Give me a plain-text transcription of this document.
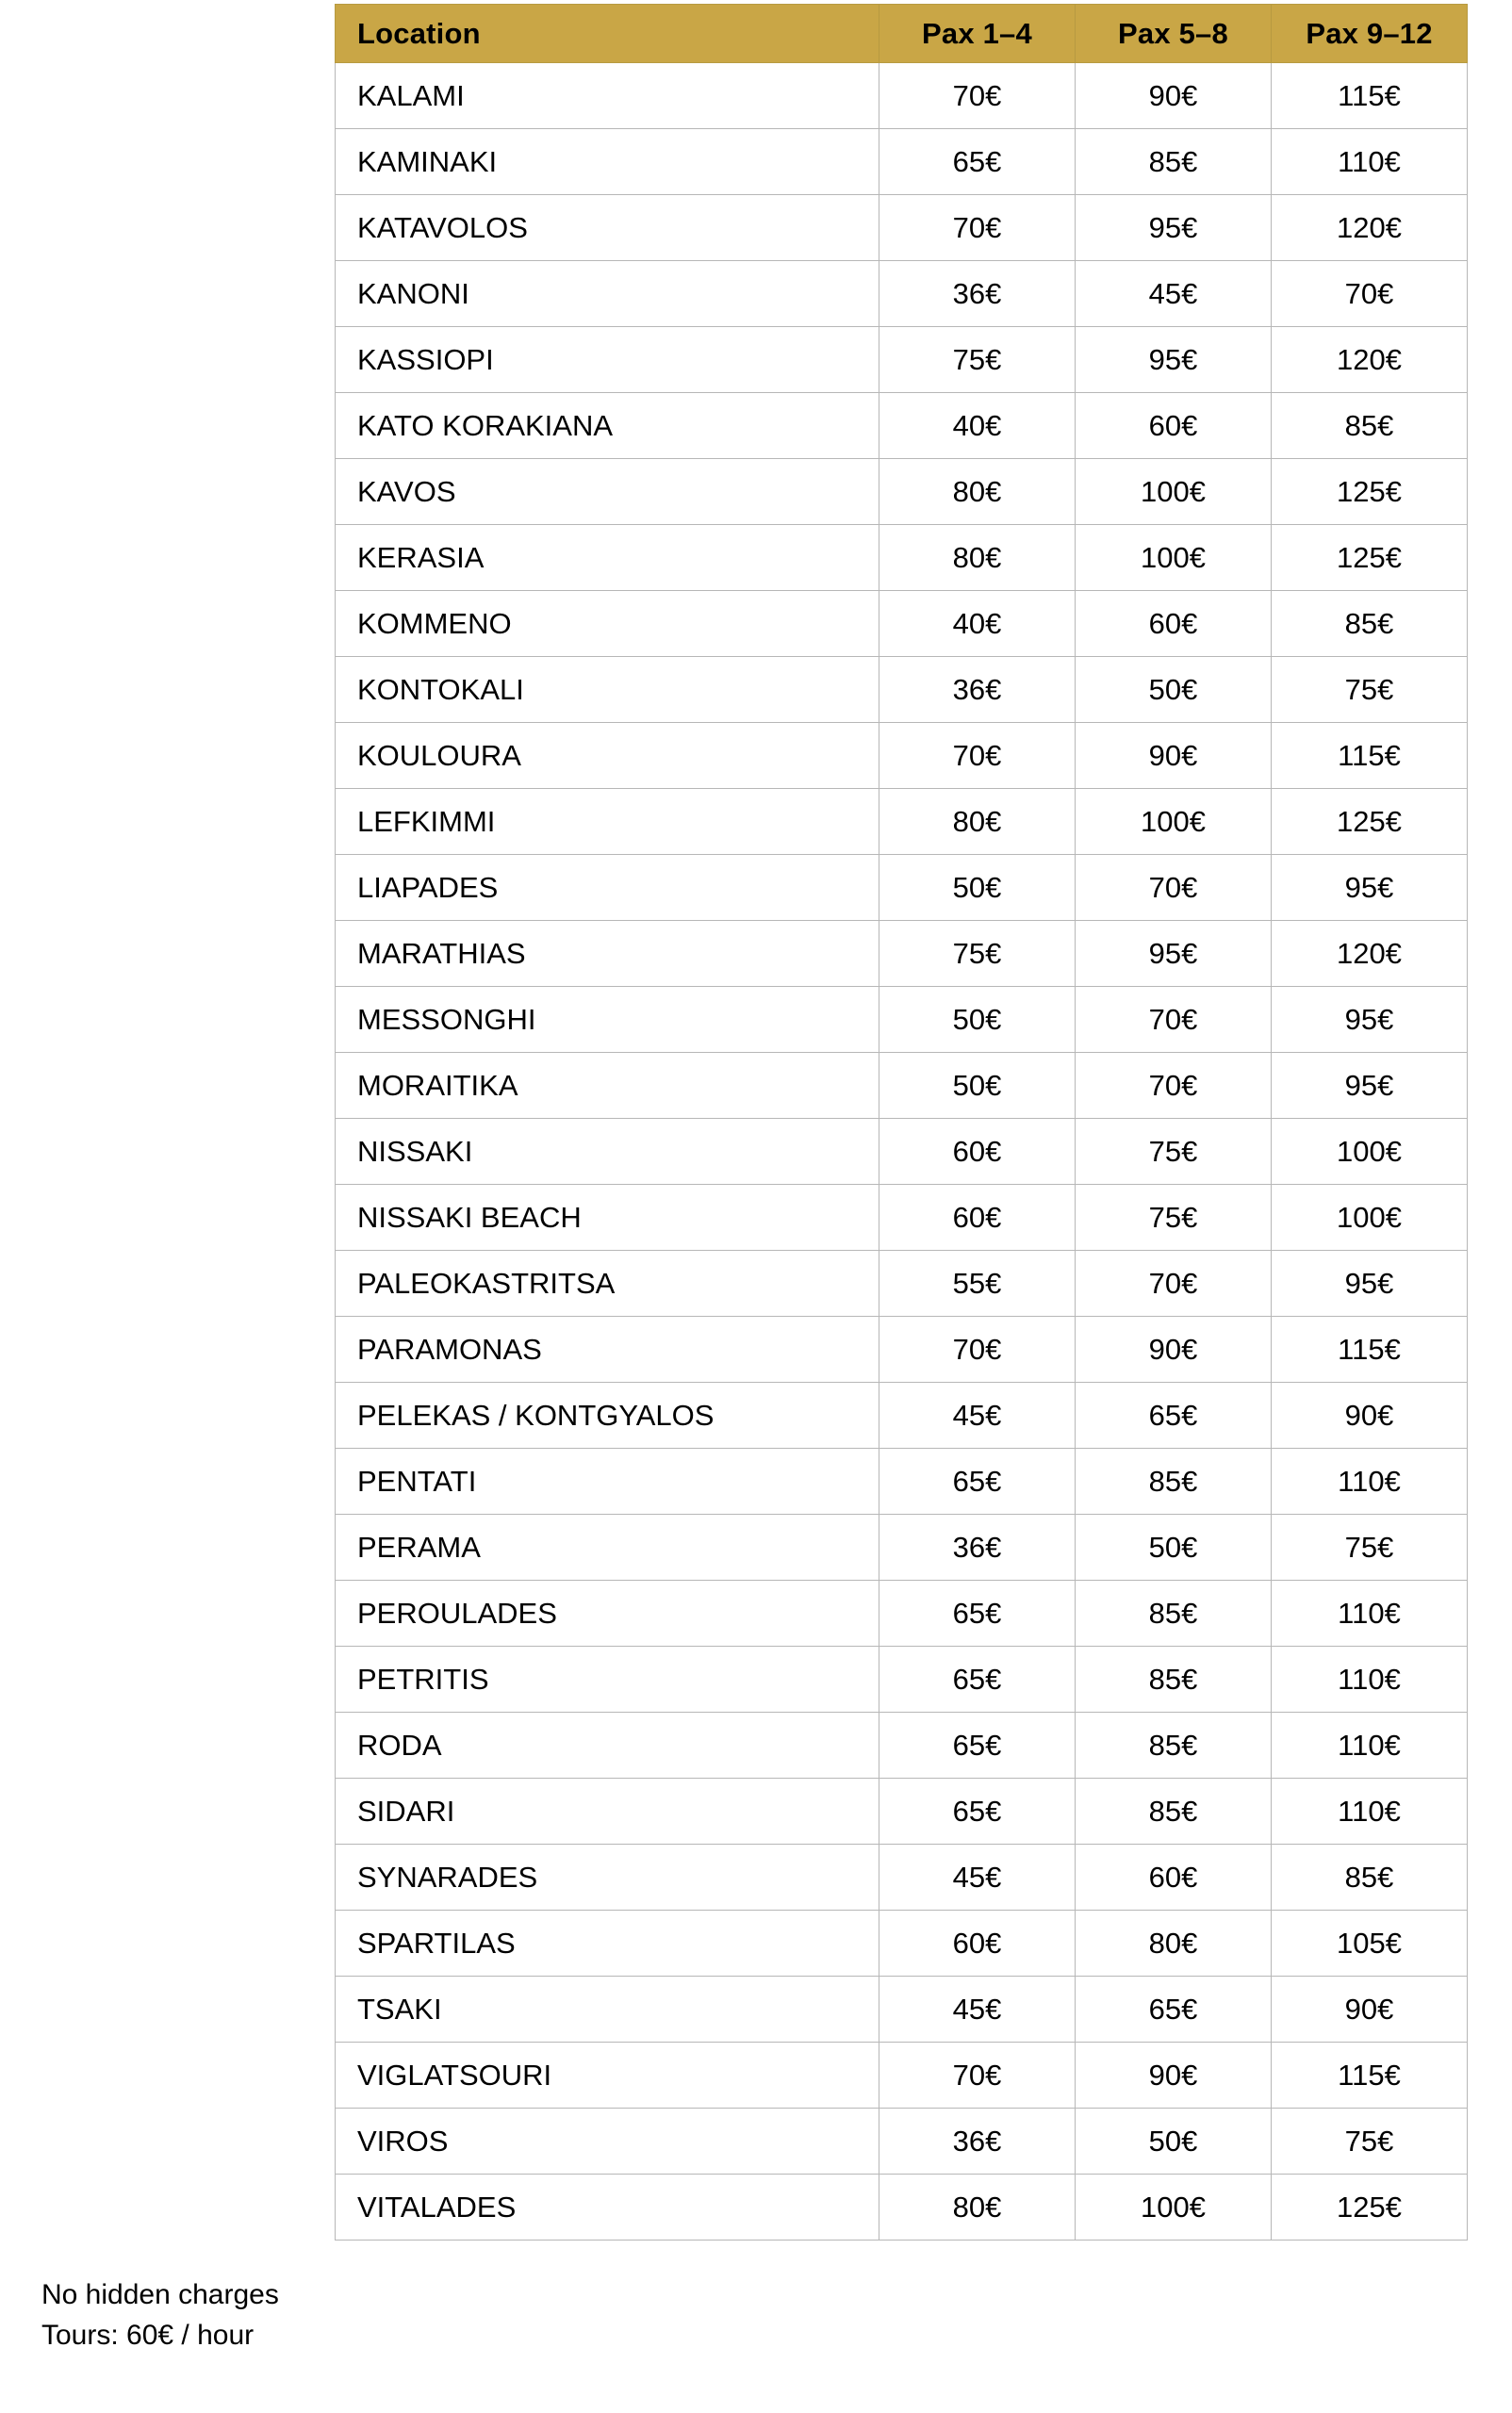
Location	Pax 1–4	Pax 5–8	Pax 9–12
KALAMI	70€	90€	115€
KAMINAKI	65€	85€	110€
KATAVOLOS	70€	95€	120€
KANONI	36€	45€	70€
KASSIOPI	75€	95€	120€
KATO KORAKIANA	40€	60€	85€
KAVOS	80€	100€	125€
KERASIA	80€	100€	125€
KOMMENO	40€	60€	85€
KONTOKALI	36€	50€	75€
KOULOURA	70€	90€	115€
LEFKIMMI	80€	100€	125€
LIAPADES	50€	70€	95€
MARATHIAS	75€	95€	120€
MESSONGHI	50€	70€	95€
MORAITIKA	50€	70€	95€
NISSAKI	60€	75€	100€
NISSAKI BEACH	60€	75€	100€
PALEOKASTRITSA	55€	70€	95€
PARAMONAS	70€	90€	115€
PELEKAS / KONTGYALOS	45€	65€	90€
PENTATI	65€	85€	110€
PERAMA	36€	50€	75€
PEROULADES	65€	85€	110€
PETRITIS	65€	85€	110€
RODA	65€	85€	110€
SIDARI	65€	85€	110€
SYNARADES	45€	60€	85€
SPARTILAS	60€	80€	105€
TSAKI	45€	65€	90€
VIGLATSOURI	70€	90€	115€
VIROS	36€	50€	75€
VITALADES	80€	100€	125€
No hidden charges
Tours: 60€ / hour
